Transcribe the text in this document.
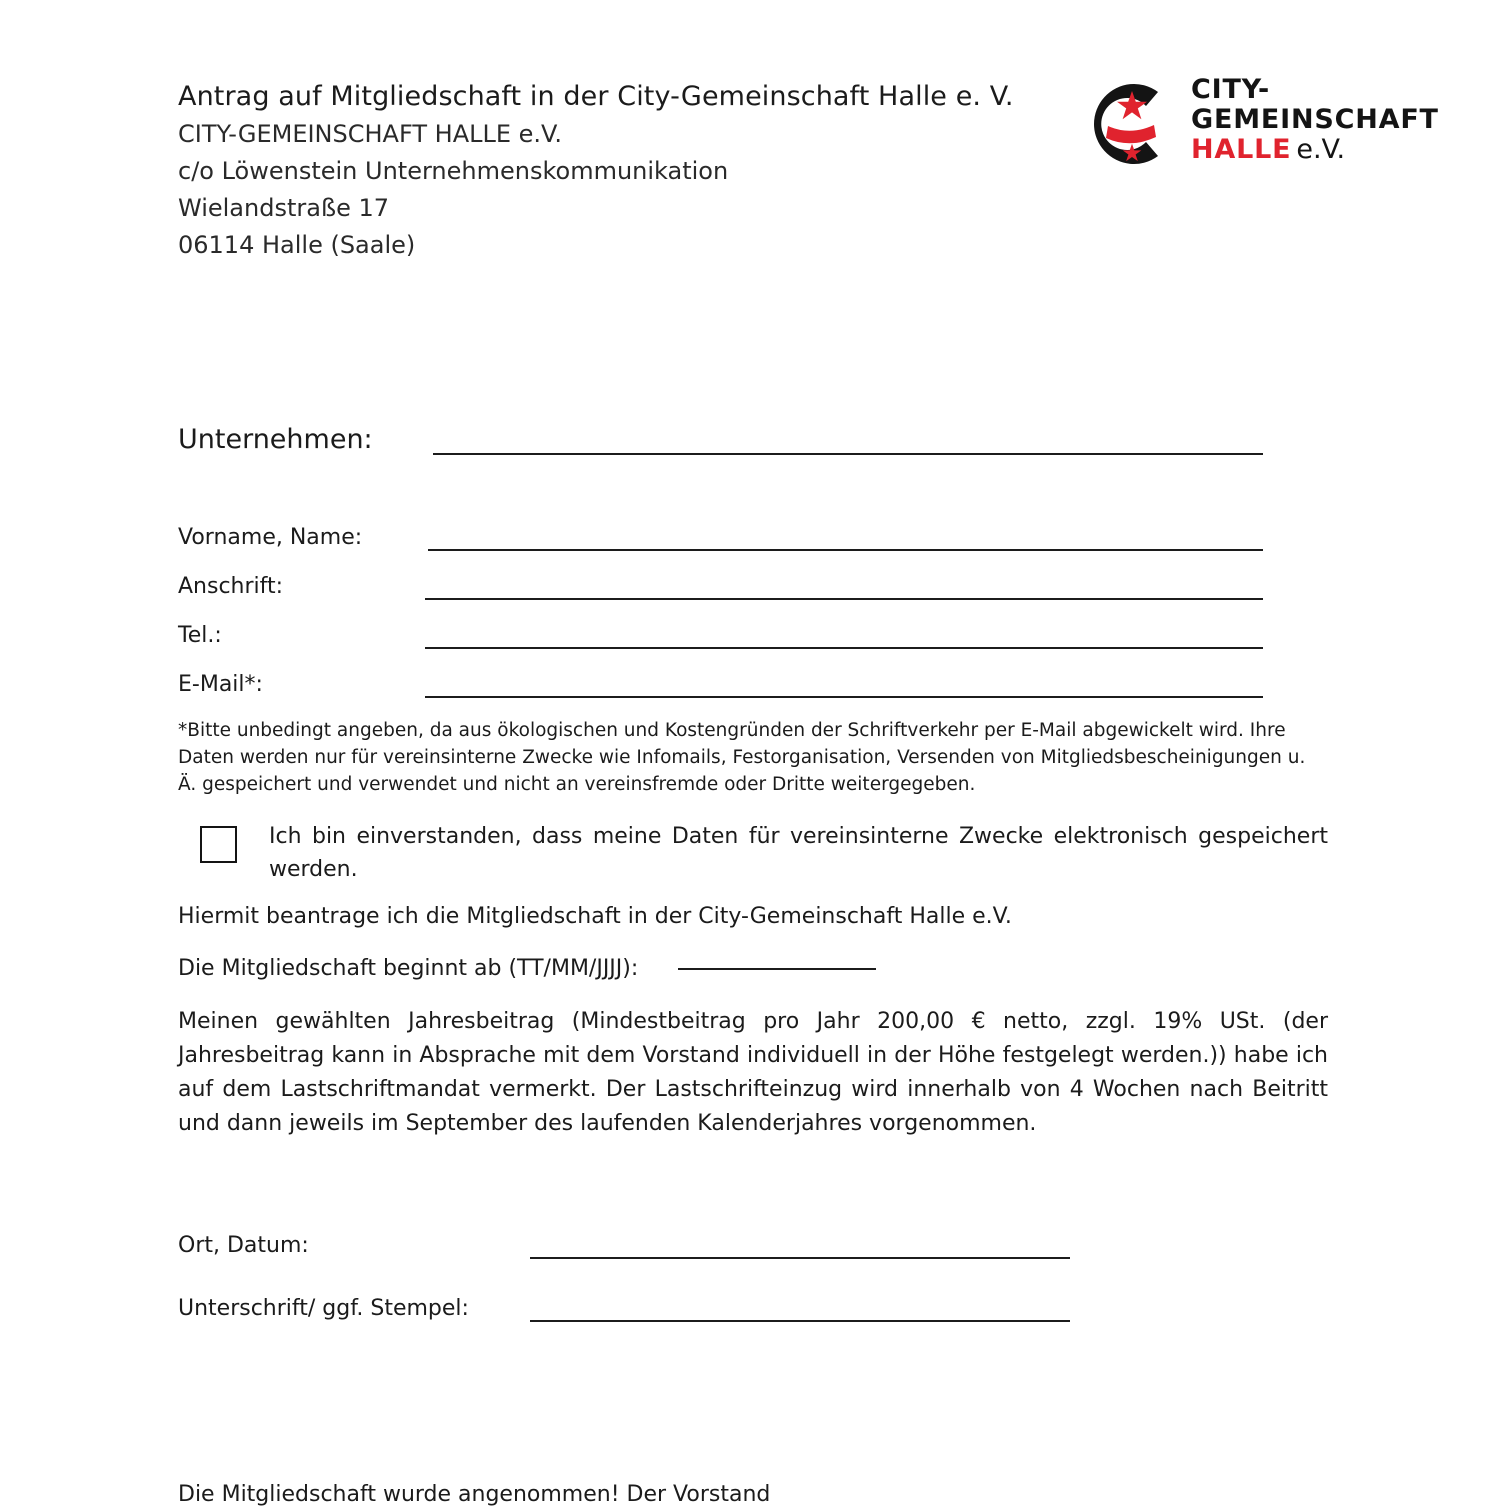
Antrag auf Mitgliedschaft in der City-Gemeinschaft Halle e. V.
CITY-GEMEINSCHAFT HALLE e.V.
c/o Löwenstein Unternehmenskommunikation
Wielandstraße 17
06114 Halle (Saale)
CITY-
GEMEINSCHAFT
HALLE e.V.
Unternehmen:
Vorname, Name:
Anschrift:
Tel.:
E-Mail*:
*Bitte unbedingt angeben, da aus ökologischen und Kostengründen der Schriftverkehr per E-Mail abgewickelt wird. Ihre Daten werden nur für vereinsinterne Zwecke wie Infomails, Festorganisation, Versenden von Mitgliedsbescheinigungen u. Ä. gespeichert und verwendet und nicht an vereinsfremde oder Dritte weitergegeben.
Ich bin einverstanden, dass meine Daten für vereinsinterne Zwecke elektronisch gespeichert werden.
Hiermit beantrage ich die Mitgliedschaft in der City-Gemeinschaft Halle e.V.
Die Mitgliedschaft beginnt ab (TT/MM/JJJJ):
Meinen gewählten Jahresbeitrag (Mindestbeitrag pro Jahr 200,00 € netto, zzgl. 19% USt. (der Jahresbeitrag kann in Absprache mit dem Vorstand individuell in der Höhe festgelegt werden.)) habe ich auf dem Lastschriftmandat vermerkt. Der Lastschrifteinzug wird innerhalb von 4 Wochen nach Beitritt und dann jeweils im September des laufenden Kalenderjahres vorgenommen.
Ort, Datum:
Unterschrift/ ggf. Stempel:
Die Mitgliedschaft wurde angenommen! Der Vorstand
